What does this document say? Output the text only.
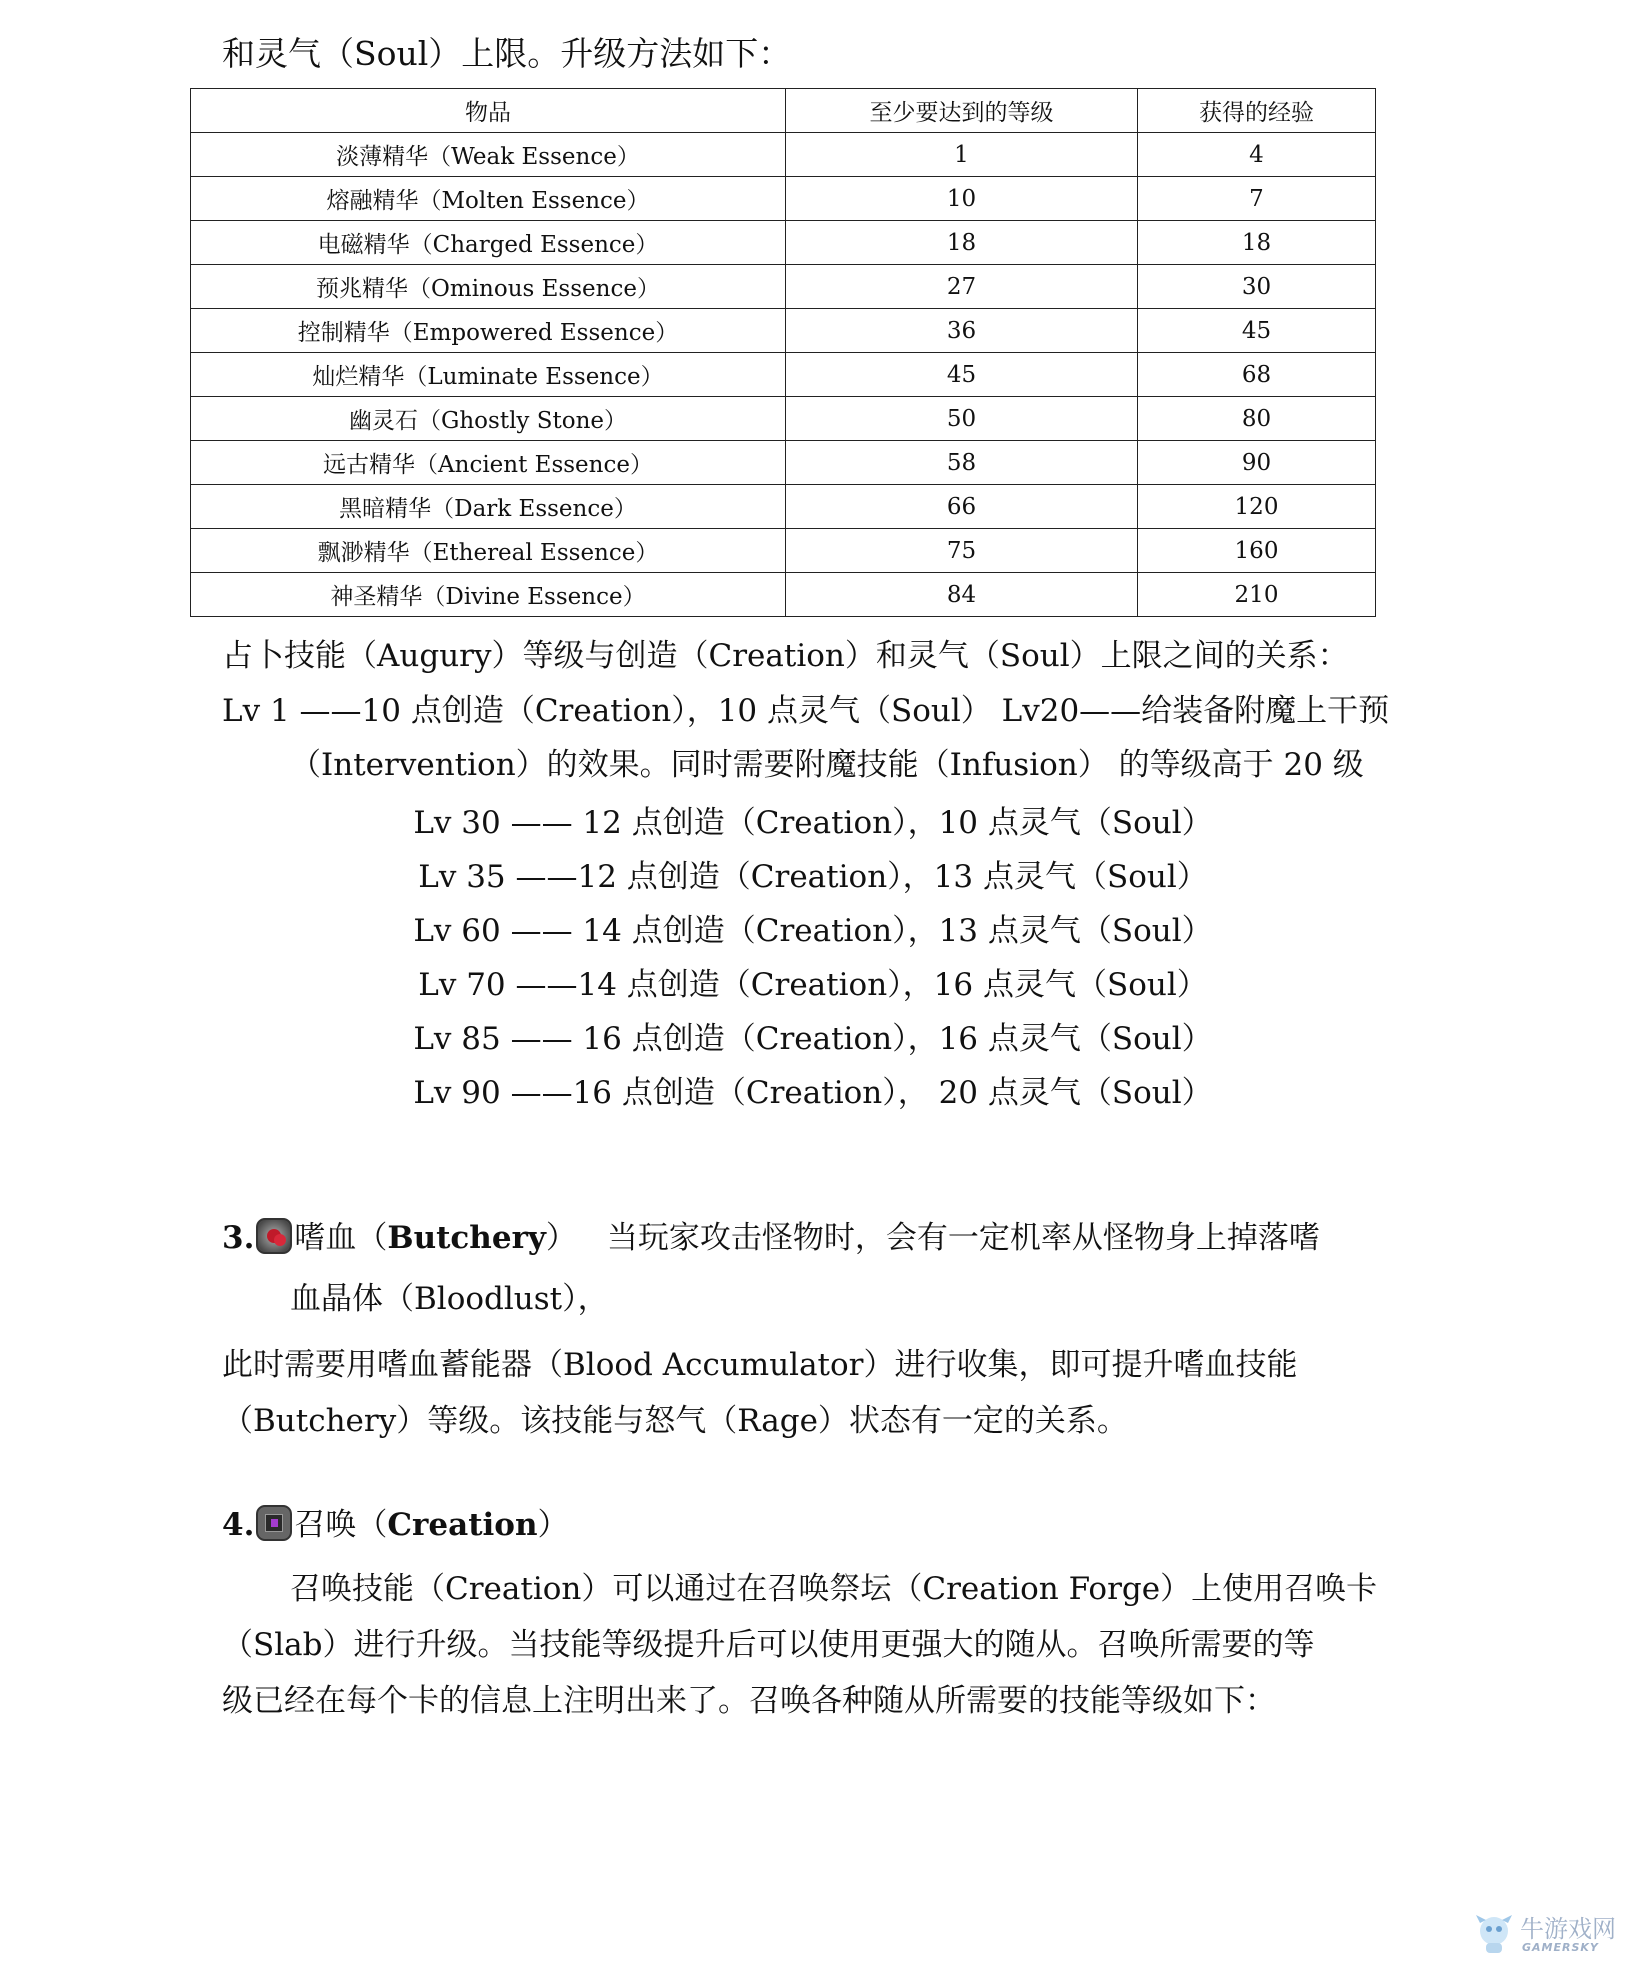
和灵气（Soul）上限。升级方法如下：
物品	至少要达到的等级	获得的经验
淡薄精华（Weak Essence）	1	4
熔融精华（Molten Essence）	10	7
电磁精华（Charged Essence）	18	18
预兆精华（Ominous Essence）	27	30
控制精华（Empowered Essence）	36	45
灿烂精华（Luminate Essence）	45	68
幽灵石（Ghostly Stone）	50	80
远古精华（Ancient Essence）	58	90
黑暗精华（Dark Essence）	66	120
飘渺精华（Ethereal Essence）	75	160
神圣精华（Divine Essence）	84	210
占卜技能（Augury）等级与创造（Creation）和灵气（Soul）上限之间的关系：
Lv 1 ——10 点创造（Creation），10 点灵气（Soul） Lv20——给装备附魔上干预
（Intervention）的效果。同时需要附魔技能（Infusion） 的等级高于 20 级
Lv 30 —— 12 点创造（Creation），10 点灵气（Soul）
Lv 35 ——12 点创造（Creation），13 点灵气（Soul）
Lv 60 —— 14 点创造（Creation），13 点灵气（Soul）
Lv 70 ——14 点创造（Creation），16 点灵气（Soul）
Lv 85 —— 16 点创造（Creation），16 点灵气（Soul）
Lv 90 ——16 点创造（Creation）， 20 点灵气（Soul）
3. 嗜血（Butchery） 当玩家攻击怪物时，会有一定机率从怪物身上掉落嗜
血晶体（Bloodlust），
此时需要用嗜血蓄能器（Blood Accumulator）进行收集，即可提升嗜血技能
（Butchery）等级。该技能与怒气（Rage）状态有一定的关系。
4. 召唤（Creation）
召唤技能（Creation）可以通过在召唤祭坛（Creation Forge）上使用召唤卡
（Slab）进行升级。当技能等级提升后可以使用更强大的随从。召唤所需要的等
级已经在每个卡的信息上注明出来了。召唤各种随从所需要的技能等级如下：
牛游戏网
GAMERSKY
